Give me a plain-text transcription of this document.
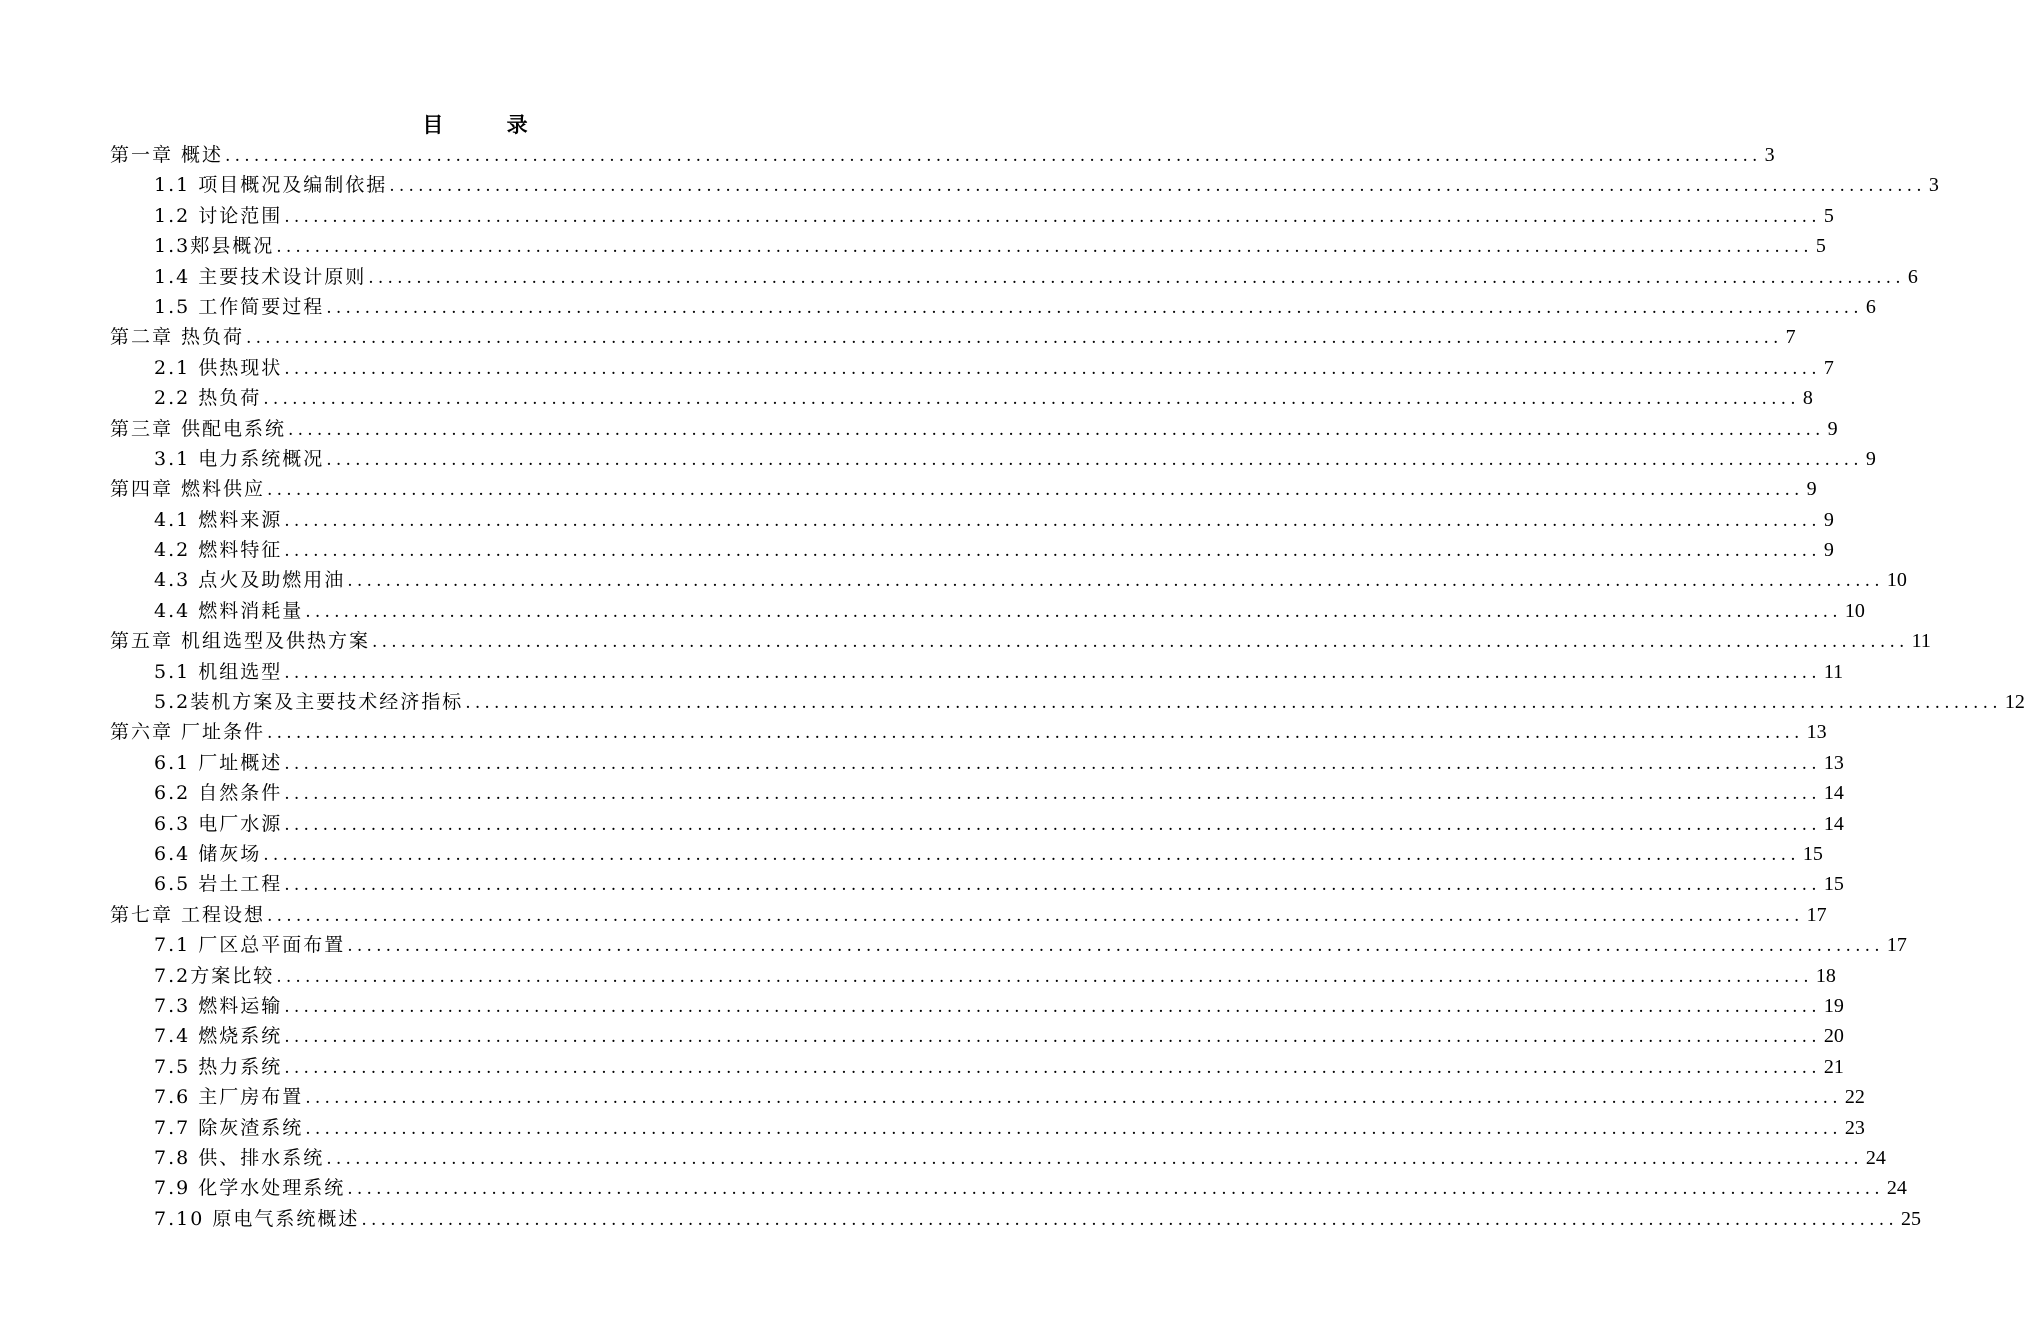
目 录
第一章 概述 ................................................................................................................................................................ 3
1.1 项目概况及编制依据 ................................................................................................................................................................ 3
1.2 讨论范围 ................................................................................................................................................................ 5
1.3郏县概况 ................................................................................................................................................................ 5
1.4 主要技术设计原则 ................................................................................................................................................................ 6
1.5 工作简要过程 ................................................................................................................................................................ 6
第二章 热负荷 ................................................................................................................................................................ 7
2.1 供热现状 ................................................................................................................................................................ 7
2.2 热负荷 ................................................................................................................................................................ 8
第三章 供配电系统 ................................................................................................................................................................ 9
3.1 电力系统概况 ................................................................................................................................................................ 9
第四章 燃料供应 ................................................................................................................................................................ 9
4.1 燃料来源 ................................................................................................................................................................ 9
4.2 燃料特征 ................................................................................................................................................................ 9
4.3 点火及助燃用油 ................................................................................................................................................................ 10
4.4 燃料消耗量 ................................................................................................................................................................ 10
第五章 机组选型及供热方案 ................................................................................................................................................................ 11
5.1 机组选型 ................................................................................................................................................................ 11
5.2装机方案及主要技术经济指标 ................................................................................................................................................................ 12
第六章 厂址条件 ................................................................................................................................................................ 13
6.1 厂址概述 ................................................................................................................................................................ 13
6.2 自然条件 ................................................................................................................................................................ 14
6.3 电厂水源 ................................................................................................................................................................ 14
6.4 储灰场 ................................................................................................................................................................ 15
6.5 岩土工程 ................................................................................................................................................................ 15
第七章 工程设想 ................................................................................................................................................................ 17
7.1 厂区总平面布置 ................................................................................................................................................................ 17
7.2方案比较 ................................................................................................................................................................ 18
7.3 燃料运输 ................................................................................................................................................................ 19
7.4 燃烧系统 ................................................................................................................................................................ 20
7.5 热力系统 ................................................................................................................................................................ 21
7.6 主厂房布置 ................................................................................................................................................................ 22
7.7 除灰渣系统 ................................................................................................................................................................ 23
7.8 供、排水系统 ................................................................................................................................................................ 24
7.9 化学水处理系统 ................................................................................................................................................................ 24
7.10 原电气系统概述 ................................................................................................................................................................ 25
